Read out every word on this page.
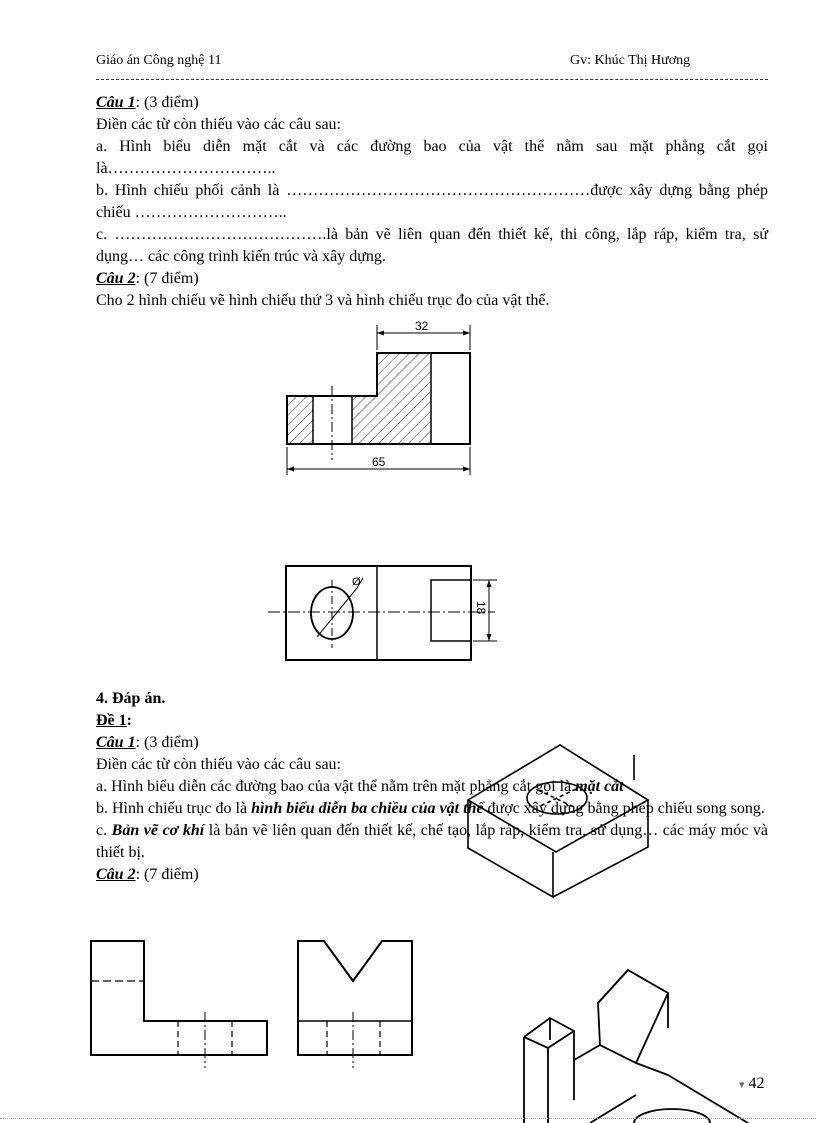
Giáo án Công nghệ 11	Gv: Khúc Thị Hương

Câu 1: (3 điểm)

Điền các từ còn thiếu vào các câu sau:

a. Hình biểu diễn mặt cắt và các đường bao của vật thể nằm sau mặt phẳng cắt gọi là…………………………..

b. Hình chiếu phối cảnh là …………………………………………………được xây dựng bằng phép chiếu ………………………..

c. ………………………………….là bản vẽ liên quan đến thiết kế, thi công, lắp ráp, kiểm tra, sử dụng… các công trình kiến trúc và xây dựng.

Câu 2: (7 điểm)

Cho 2 hình chiếu vẽ hình chiếu thứ 3 và hình chiếu trục đo của vật thể.

32
65
Ø
18

4. Đáp án.

Đề 1:

Câu 1: (3 điểm)

Điền các từ còn thiếu vào các câu sau:

a. Hình biểu diễn các đường bao của vật thể nằm trên mặt phẳng cắt gọi là mặt cắt

b. Hình chiếu trục đo là hình biểu diễn ba chiều của vật thể được xây dựng bằng phép chiếu song song.

c. Bản vẽ cơ khí là bản vẽ liên quan đến thiết kế, chế tạo, lắp ráp, kiểm tra, sử dụng… các máy móc và thiết bị.

Câu 2: (7 điểm)

▾ 42
